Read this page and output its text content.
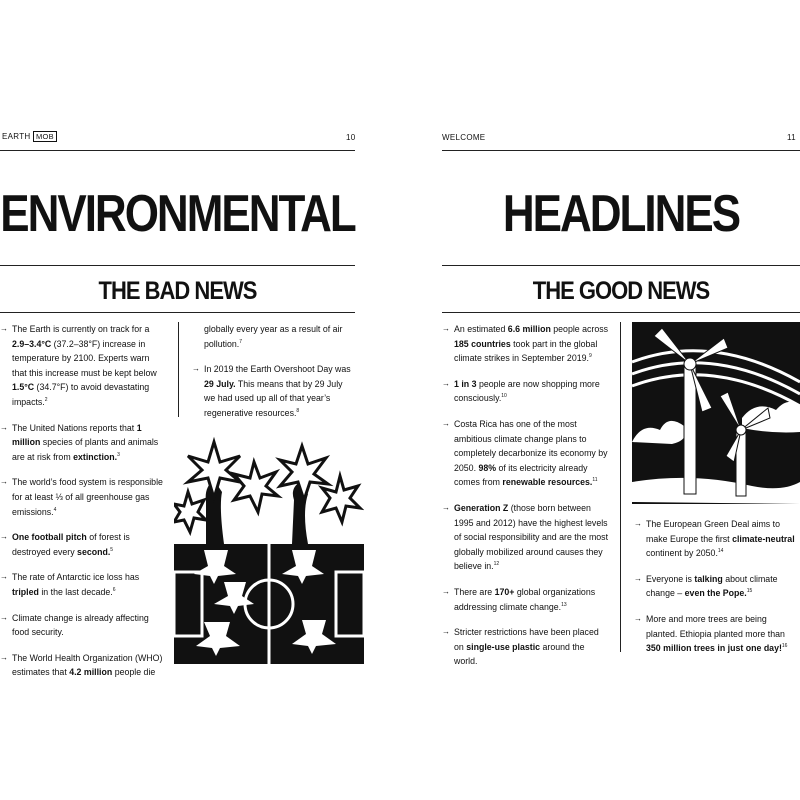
EARTH MOB	10
ENVIRONMENTAL
THE BAD NEWS
→ The Earth is currently on track for a 2.9–3.4°C (37.2–38°F) increase in temperature by 2100. Experts warn that this increase must be kept below 1.5°C (34.7°F) to avoid devastating impacts.$^2$
→ The United Nations reports that 1 million species of plants and animals are at risk from extinction.$^3$
→ The world’s food system is responsible for at least ⅓ of all greenhouse gas emissions.$^4$
→ One football pitch of forest is destroyed every second.$^5$
→ The rate of Antarctic ice loss has tripled in the last decade.$^6$
→ Climate change is already affecting food security.
→ The World Health Organization (WHO) estimates that 4.2 million people die
globally every year as a result of air pollution.$^7$
→ In 2019 the Earth Overshoot Day was 29 July. This means that by 29 July we had used up all of that year’s regenerative resources.$^8$
WELCOME	11
HEADLINES
THE GOOD NEWS
→ An estimated 6.6 million people across 185 countries took part in the global climate strikes in September 2019.$^9$
→ 1 in 3 people are now shopping more consciously.$^{10}$
→ Costa Rica has one of the most ambitious climate change plans to completely decarbonize its economy by 2050. 98% of its electricity already comes from renewable resources.$^{11}$
→ Generation Z (those born between 1995 and 2012) have the highest levels of social responsibility and are the most globally mobilized around causes they believe in.$^{12}$
→ There are 170+ global organizations addressing climate change.$^{13}$
→ Stricter restrictions have been placed on single-use plastic around the world.
→ The European Green Deal aims to make Europe the first climate-neutral continent by 2050.14
→ Everyone is talking about climate change – even the Pope.$^{15}$
→ More and more trees are being planted. Ethiopia planted more than 350 million trees in just one day!$^{16}$
